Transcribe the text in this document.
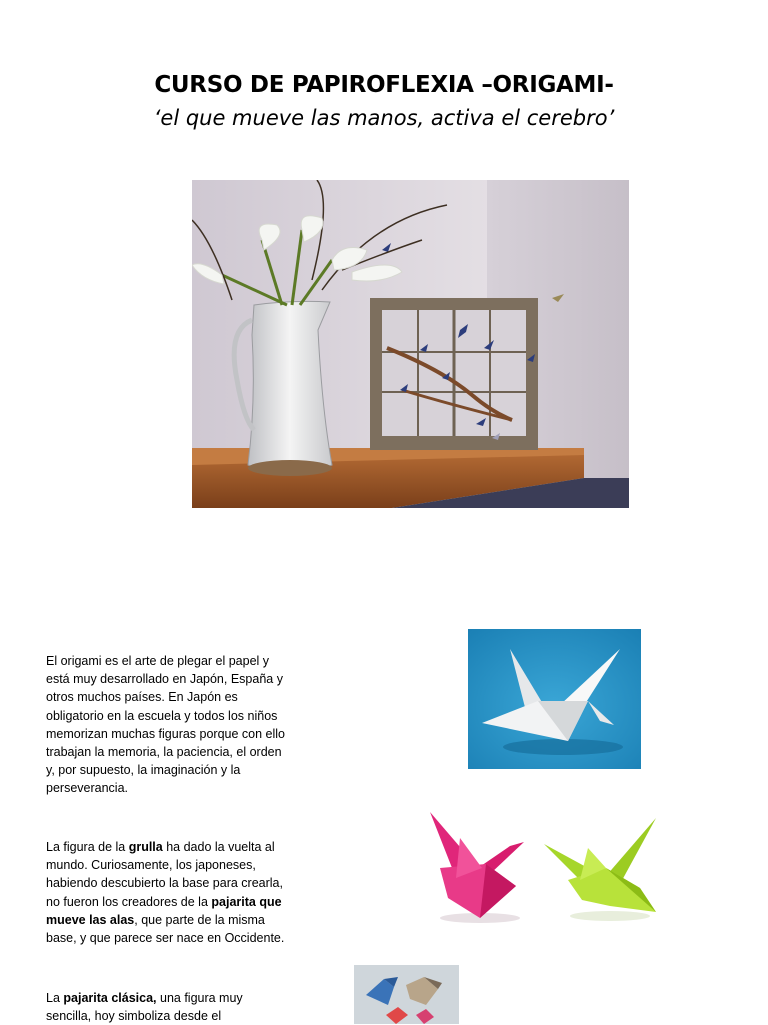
CURSO DE PAPIROFLEXIA –ORIGAMI-

‘el que mueve las manos, activa el cerebro’

El origami es el arte de plegar el papel y está muy desarrollado en Japón, España y otros muchos países. En Japón es obligatorio en la escuela y todos los niños memorizan muchas figuras porque con ello trabajan la memoria, la paciencia, el orden y, por supuesto, la imaginación y la perseverancia.

La figura de la grulla ha dado la vuelta al mundo. Curiosamente, los japoneses, habiendo descubierto la base para crearla, no fueron los creadores de la pajarita que mueve las alas, que parte de la misma base, y que parece ser nace en Occidente.

La pajarita clásica, una figura muy sencilla, hoy simboliza desde el
